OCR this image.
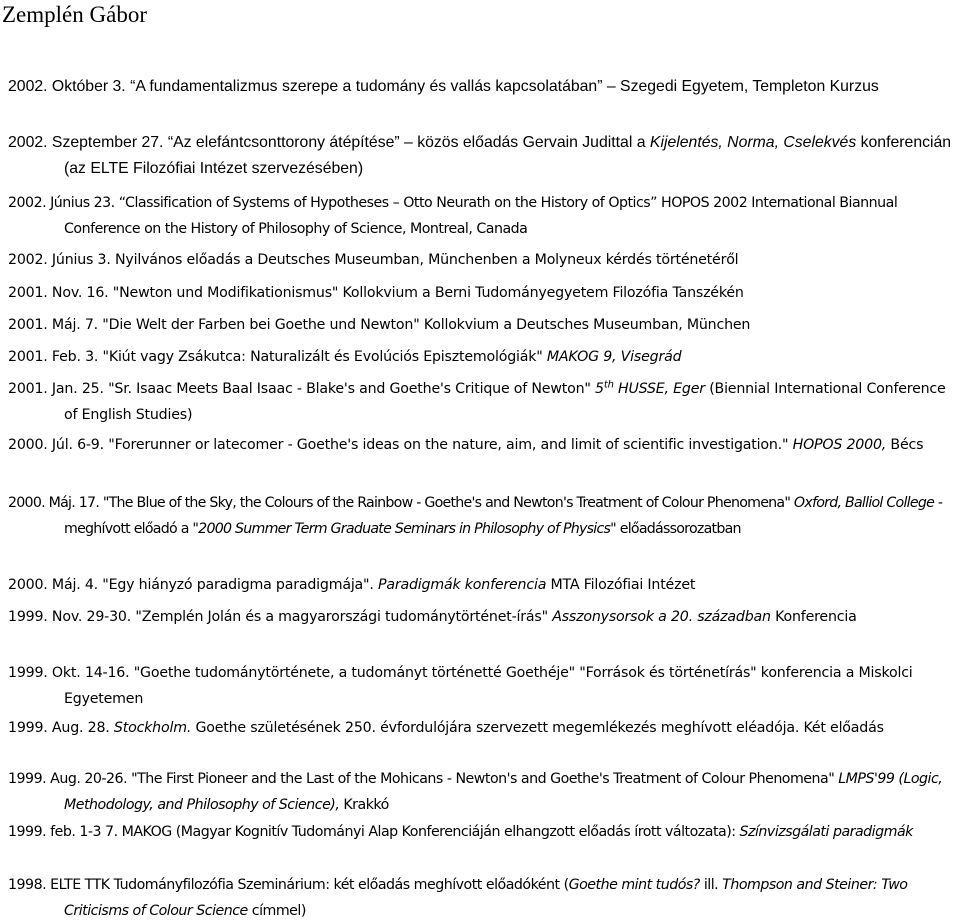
Zemplén Gábor
2002. Október 3. “A fundamentalizmus szerepe a tudomány és vallás kapcsolatában” – Szegedi Egyetem, Templeton Kurzus
2002. Szeptember 27. “Az elefántcsonttorony átépítése” – közös előadás Gervain Judittal a Kijelentés, Norma, Cselekvés konferencián (az ELTE Filozófiai Intézet szervezésében)
2002. Június 23. “Classification of Systems of Hypotheses – Otto Neurath on the History of Optics” HOPOS 2002 International Biannual Conference on the History of Philosophy of Science, Montreal, Canada
2002. Június 3. Nyilvános előadás a Deutsches Museumban, Münchenben a Molyneux kérdés történetéről
2001. Nov. 16. "Newton und Modifikationismus" Kollokvium a Berni Tudományegyetem Filozófia Tanszékén
2001. Máj. 7. "Die Welt der Farben bei Goethe und Newton" Kollokvium a Deutsches Museumban, München
2001. Feb. 3. "Kiút vagy Zsákutca: Naturalizált és Evolúciós Episztemológiák" MAKOG 9, Visegrád
2001. Jan. 25. "Sr. Isaac Meets Baal Isaac - Blake's and Goethe's Critique of Newton" 5th HUSSE, Eger (Biennial International Conference of English Studies)
2000. Júl. 6-9. "Forerunner or latecomer - Goethe's ideas on the nature, aim, and limit of scientific investigation." HOPOS 2000, Bécs
2000. Máj. 17. "The Blue of the Sky, the Colours of the Rainbow - Goethe's and Newton's Treatment of Colour Phenomena" Oxford, Balliol College - meghívott előadó a "2000 Summer Term Graduate Seminars in Philosophy of Physics" előadássorozatban
2000. Máj. 4. "Egy hiányzó paradigma paradigmája". Paradigmák konferencia MTA Filozófiai Intézet
1999. Nov. 29-30. "Zemplén Jolán és a magyarországi tudománytörténet-írás" Asszonysorsok a 20. században Konferencia
1999. Okt. 14-16. "Goethe tudománytörténete, a tudományt történetté Goethéje" "Források és történetírás" konferencia a Miskolci Egyetemen
1999. Aug. 28. Stockholm. Goethe születésének 250. évfordulójára szervezett megemlékezés meghívott eléadója. Két előadás
1999. Aug. 20-26. "The First Pioneer and the Last of the Mohicans - Newton's and Goethe's Treatment of Colour Phenomena" LMPS'99 (Logic, Methodology, and Philosophy of Science), Krakkó
1999. feb. 1-3 7. MAKOG (Magyar Kognitív Tudományi Alap Konferenciáján elhangzott előadás írott változata): Színvizsgálati paradigmák
1998. ELTE TTK Tudományfilozófia Szeminárium: két előadás meghívott előadóként (Goethe mint tudós? ill. Thompson and Steiner: Two Criticisms of Colour Science címmel)
